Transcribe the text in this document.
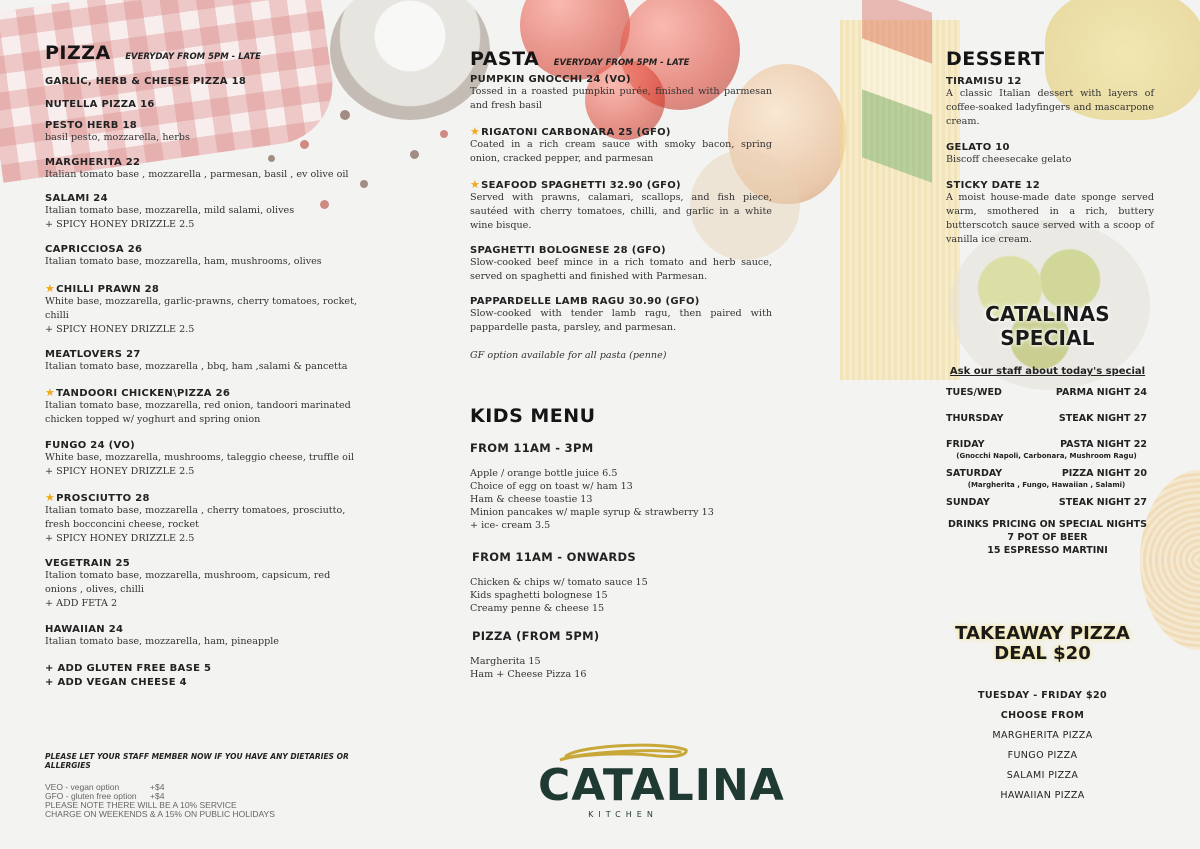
PIZZA EVERYDAY FROM 5PM - LATE
GARLIC, HERB & CHEESE PIZZA 18
NUTELLA PIZZA 16
PESTO HERB 18
basil pesto, mozzarella, herbs
MARGHERITA 22
Italian tomato base , mozzarella , parmesan, basil , ev olive oil
SALAMI 24
Italian tomato base, mozzarella, mild salami, olives
+ SPICY HONEY DRIZZLE 2.5
CAPRICCIOSA 26
Italian tomato base, mozzarella, ham, mushrooms, olives
★CHILLI PRAWN 28
White base, mozzarella, garlic-prawns, cherry tomatoes, rocket, chilli
+ SPICY HONEY DRIZZLE 2.5
MEATLOVERS 27
Italian tomato base, mozzarella , bbq, ham ,salami & pancetta
★TANDOORI CHICKEN\PIZZA 26
Italian tomato base, mozzarella, red onion, tandoori marinated chicken topped w/ yoghurt and spring onion
FUNGO 24 (VO)
White base, mozzarella, mushrooms, taleggio cheese, truffle oil
+ SPICY HONEY DRIZZLE 2.5
★PROSCIUTTO 28
Italian tomato base, mozzarella , cherry tomatoes, prosciutto, fresh bocconcini cheese, rocket
+ SPICY HONEY DRIZZLE 2.5
VEGETRAIN 25
Italion tomato base, mozzarella, mushroom, capsicum, red onions , olives, chilli
+ ADD FETA 2
HAWAIIAN 24
Italian tomato base, mozzarella, ham, pineapple
+ ADD GLUTEN FREE BASE 5
+ ADD VEGAN CHEESE 4
PLEASE LET YOUR STAFF MEMBER NOW IF YOU HAVE ANY DIETARIES OR ALLERGIES
VEO - vegan option	+$4
GFO - gluten free option +$4
PLEASE NOTE THERE WILL BE A 10% SERVICE
CHARGE ON WEEKENDS & A 15% ON PUBLIC HOLIDAYS
PASTA EVERYDAY FROM 5PM - LATE
PUMPKIN GNOCCHI 24 (VO)
Tossed in a roasted pumpkin purée, finished with parmesan and fresh basil
★RIGATONI CARBONARA 25 (GFO)
Coated in a rich cream sauce with smoky bacon, spring onion, cracked pepper, and parmesan
★SEAFOOD SPAGHETTI 32.90 (GFO)
Served with prawns, calamari, scallops, and fish piece, sautéed with cherry tomatoes, chilli, and garlic in a white wine bisque.
SPAGHETTI BOLOGNESE 28 (GFO)
Slow-cooked beef mince in a rich tomato and herb sauce, served on spaghetti and finished with Parmesan.
PAPPARDELLE LAMB RAGU 30.90 (GFO)
Slow-cooked with tender lamb ragu, then paired with pappardelle pasta, parsley, and parmesan.
GF option available for all pasta (penne)
KIDS MENU
FROM 11AM - 3PM
Apple / orange bottle juice 6.5
Choice of egg on toast w/ ham 13
Ham & cheese toastie 13
Minion pancakes w/ maple syrup & strawberry 13
+ ice- cream 3.5
FROM 11AM - ONWARDS
Chicken & chips w/ tomato sauce 15
Kids spaghetti bolognese 15
Creamy penne & cheese 15
PIZZA (FROM 5PM)
Margherita 15
Ham + Cheese Pizza 16
CATALINA
KITCHEN
DESSERT
TIRAMISU 12
A classic Italian dessert with layers of coffee-soaked ladyfingers and mascarpone cream.
GELATO 10
Biscoff cheesecake gelato
STICKY DATE 12
A moist house-made date sponge served warm, smothered in a rich, buttery butterscotch sauce served with a scoop of vanilla ice cream.
CATALINAS SPECIAL
Ask our staff about today's special
TUES/WED	PARMA NIGHT 24
THURSDAY	STEAK NIGHT 27
FRIDAY	PASTA NIGHT 22
(Gnocchi Napoli, Carbonara, Mushroom Ragu)
SATURDAY	PIZZA NIGHT 20
(Margherita , Fungo, Hawaiian , Salami)
SUNDAY	STEAK NIGHT 27
DRINKS PRICING ON SPECIAL NIGHTS
7 POT OF BEER
15 ESPRESSO MARTINI
TAKEAWAY PIZZA
DEAL $20
TUESDAY - FRIDAY $20
CHOOSE FROM
MARGHERITA PIZZA
FUNGO PIZZA
SALAMI PIZZA
HAWAIIAN PIZZA
